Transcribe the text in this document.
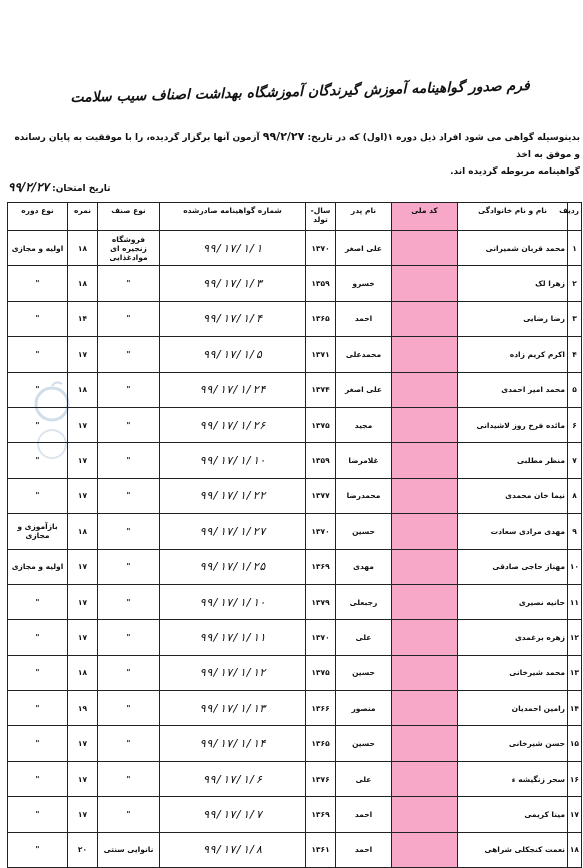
فرم صدور گواهینامه آموزش گیرندگان آموزشگاه بهداشت اصناف سیب سلامت
بدینوسیله گواهی می شود افراد ذیل دوره ۱(اول) که در تاریخ: ۹۹/۲/۲۷ آزمون آنها برگزار گردیده، را با موفقیت به پایان رسانده و موفق به اخذ
گواهینامه مربوطه گردیده اند.
تاریخ امتحان: ۹۹/۲/۲۷
ردیف	نام و نام خانوادگی	کد ملی	نام پدر	سال- تولد	شماره گواهینامه صادرشده	نوع صنف	نمره	نوع دوره
۱	محمد قربان شمیرانی		علی اصغر	۱۳۷۰	۹۹/۱۷/۱/۱	فروشگاه زنجیره ای موادغذایی	۱۸	اولیه و مجازی
۲	زهرا لک		خسرو	۱۳۵۹	۹۹/۱۷/۱/۳	"	۱۸	"
۳	رضا رضایی		احمد	۱۳۶۵	۹۹/۱۷/۱/۴	"	۱۴	"
۴	اکرم کریم زاده		محمدعلی	۱۳۷۱	۹۹/۱۷/۱/۵	"	۱۷	"
۵	محمد امیر احمدی		علی اصغر	۱۳۷۴	۹۹/۱۷/۱/۲۴	"	۱۸	"
۶	مائده فرخ روز لاشیدانی		مجید	۱۳۷۵	۹۹/۱۷/۱/۲۶	"	۱۷	"
۷	منظر مطلبی		غلامرضا	۱۳۵۹	۹۹/۱۷/۱/۱۰	"	۱۷	"
۸	نیما خان محمدی		محمدرضا	۱۳۷۷	۹۹/۱۷/۱/۲۲	"	۱۷	"
۹	مهدی مرادی سعادت		حسین	۱۳۷۰	۹۹/۱۷/۱/۲۷	"	۱۸	بازآموزی و مجازی
۱۰	مهناز حاجی صادقی		مهدی	۱۳۶۹	۹۹/۱۷/۱/۲۵	"	۱۷	اولیه و مجازی
۱۱	حانیه نصیری		رجبعلی	۱۳۷۹	۹۹/۱۷/۱/۱۰	"	۱۷	"
۱۲	زهره برغمدی		علی	۱۳۷۰	۹۹/۱۷/۱/۱۱	"	۱۷	"
۱۳	محمد شیرخانی		حسین	۱۳۷۵	۹۹/۱۷/۱/۱۲	"	۱۸	"
۱۴	رامین احمدیان		منصور	۱۳۶۶	۹۹/۱۷/۱/۱۳	"	۱۹	"
۱۵	حسن شیرخانی		حسین	۱۳۶۵	۹۹/۱۷/۱/۱۴	"	۱۷	"
۱۶	سحر زنگیشه ء		علی	۱۳۷۶	۹۹/۱۷/۱/۶	"	۱۷	"
۱۷	مینا کریمی		احمد	۱۳۶۹	۹۹/۱۷/۱/۷	"	۱۷	"
۱۸	نعمت کنجکلی شراهی		احمد	۱۳۶۱	۹۹/۱۷/۱/۸	نانوایی سنتی	۲۰	"
